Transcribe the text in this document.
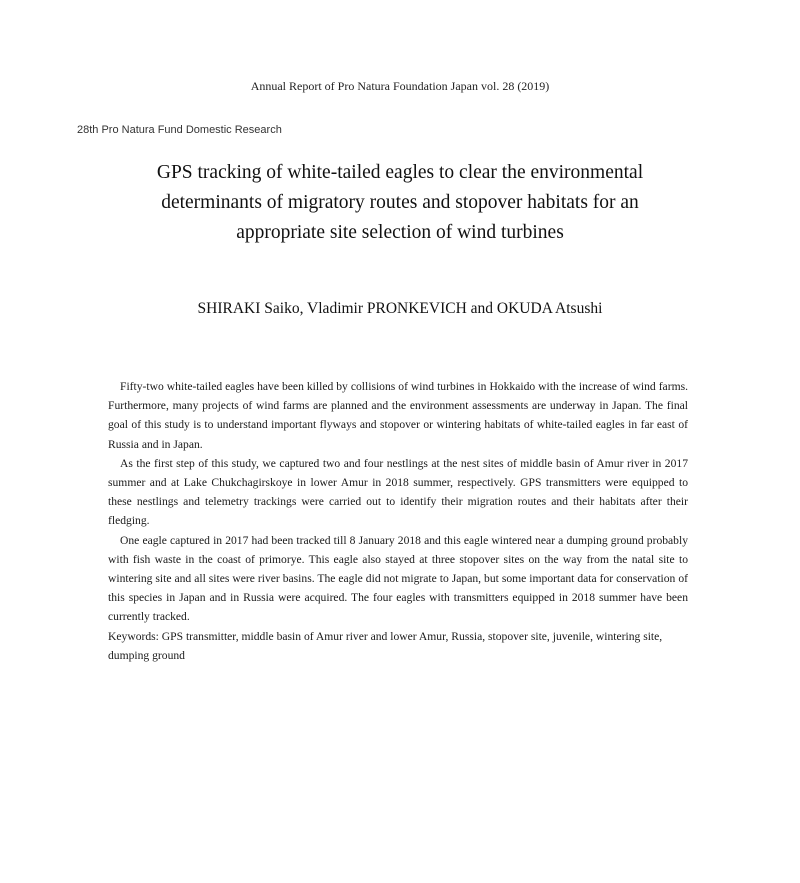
Annual Report of Pro Natura Foundation Japan vol. 28 (2019)

28th Pro Natura Fund Domestic Research

GPS tracking of white-tailed eagles to clear the environmental
determinants of migratory routes and stopover habitats for an
appropriate site selection of wind turbines

SHIRAKI Saiko, Vladimir PRONKEVICH and OKUDA Atsushi

Fifty-two white-tailed eagles have been killed by collisions of wind turbines in Hokkaido with the increase of wind farms. Furthermore, many projects of wind farms are planned and the environment assessments are underway in Japan. The final goal of this study is to understand important flyways and stopover or wintering habitats of white-tailed eagles in far east of Russia and in Japan.

As the first step of this study, we captured two and four nestlings at the nest sites of middle basin of Amur river in 2017 summer and at Lake Chukchagirskoye in lower Amur in 2018 summer, respectively. GPS transmitters were equipped to these nestlings and telemetry trackings were carried out to identify their migration routes and their habitats after their fledging.

One eagle captured in 2017 had been tracked till 8 January 2018 and this eagle wintered near a dumping ground probably with fish waste in the coast of primorye. This eagle also stayed at three stopover sites on the way from the natal site to wintering site and all sites were river basins. The eagle did not migrate to Japan, but some important data for conservation of this species in Japan and in Russia were acquired. The four eagles with transmitters equipped in 2018 summer have been currently tracked.

Keywords: GPS transmitter, middle basin of Amur river and lower Amur, Russia, stopover site, juvenile, wintering site, dumping ground
